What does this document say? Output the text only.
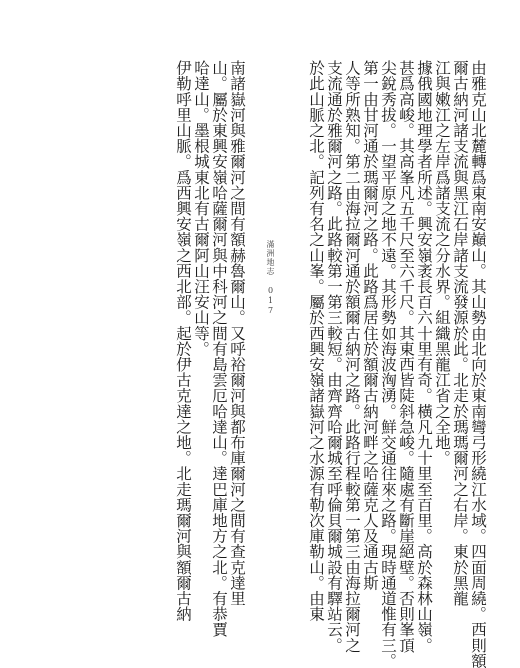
由雅克山北麓轉爲東南安巔山。其山勢由北向於東南彎弓形繞江水域。四面周繞。西則額
爾古納河諸支流與黑江石岸諸支流發源於此。北走於瑪瑪爾河之右岸。東於黑龍
江與嫩江之左岸爲諸支流之分水界。組織黑龍江省之全地。
據俄國地理學者所述。興安嶺袤長百六十里有奇。橫凡九十里至百里。高於森林山嶺。
甚爲高峻。其高峯凡五千尺至六千尺。其東西皆陡斜急峻。隨處有斷崖絕壁。否則峯頂
尖銳秀拔。一望平原之地不遠。其形勢如海波洶湧。鮮交通往來之路。現時通道惟有三。
第一由甘河通於瑪爾河之路。此路爲居住於額爾古納河畔之哈薩克人及通古斯
人等所熟知。第二由海拉爾河通於額爾古納河之路。此路行程較第一第三由海拉爾河之
支流通於雅爾河之路。此路較第一第三較短。由齊齊哈爾城至呼倫貝爾城設有驛站云。
於此山脈之北。記列有名之山峯。屬於西興安嶺諸嶽河之水源有勒次庫勒山。由東
滿洲地志 017
南諸嶽河與雅爾河之間有額赫魯爾山。又呼裕爾河與都布庫爾河之間有查克達里
山。屬於東興安嶺哈薩爾河與中科河之間有島雲厄哈達山。達巴庫地方之北。有恭賈
哈達山。墨根城東北有古爾阿山汪安山等。
伊勒呼里山脈。爲西興安嶺之西北部。起於伊古克達之地。北走瑪爾河與額爾古納
